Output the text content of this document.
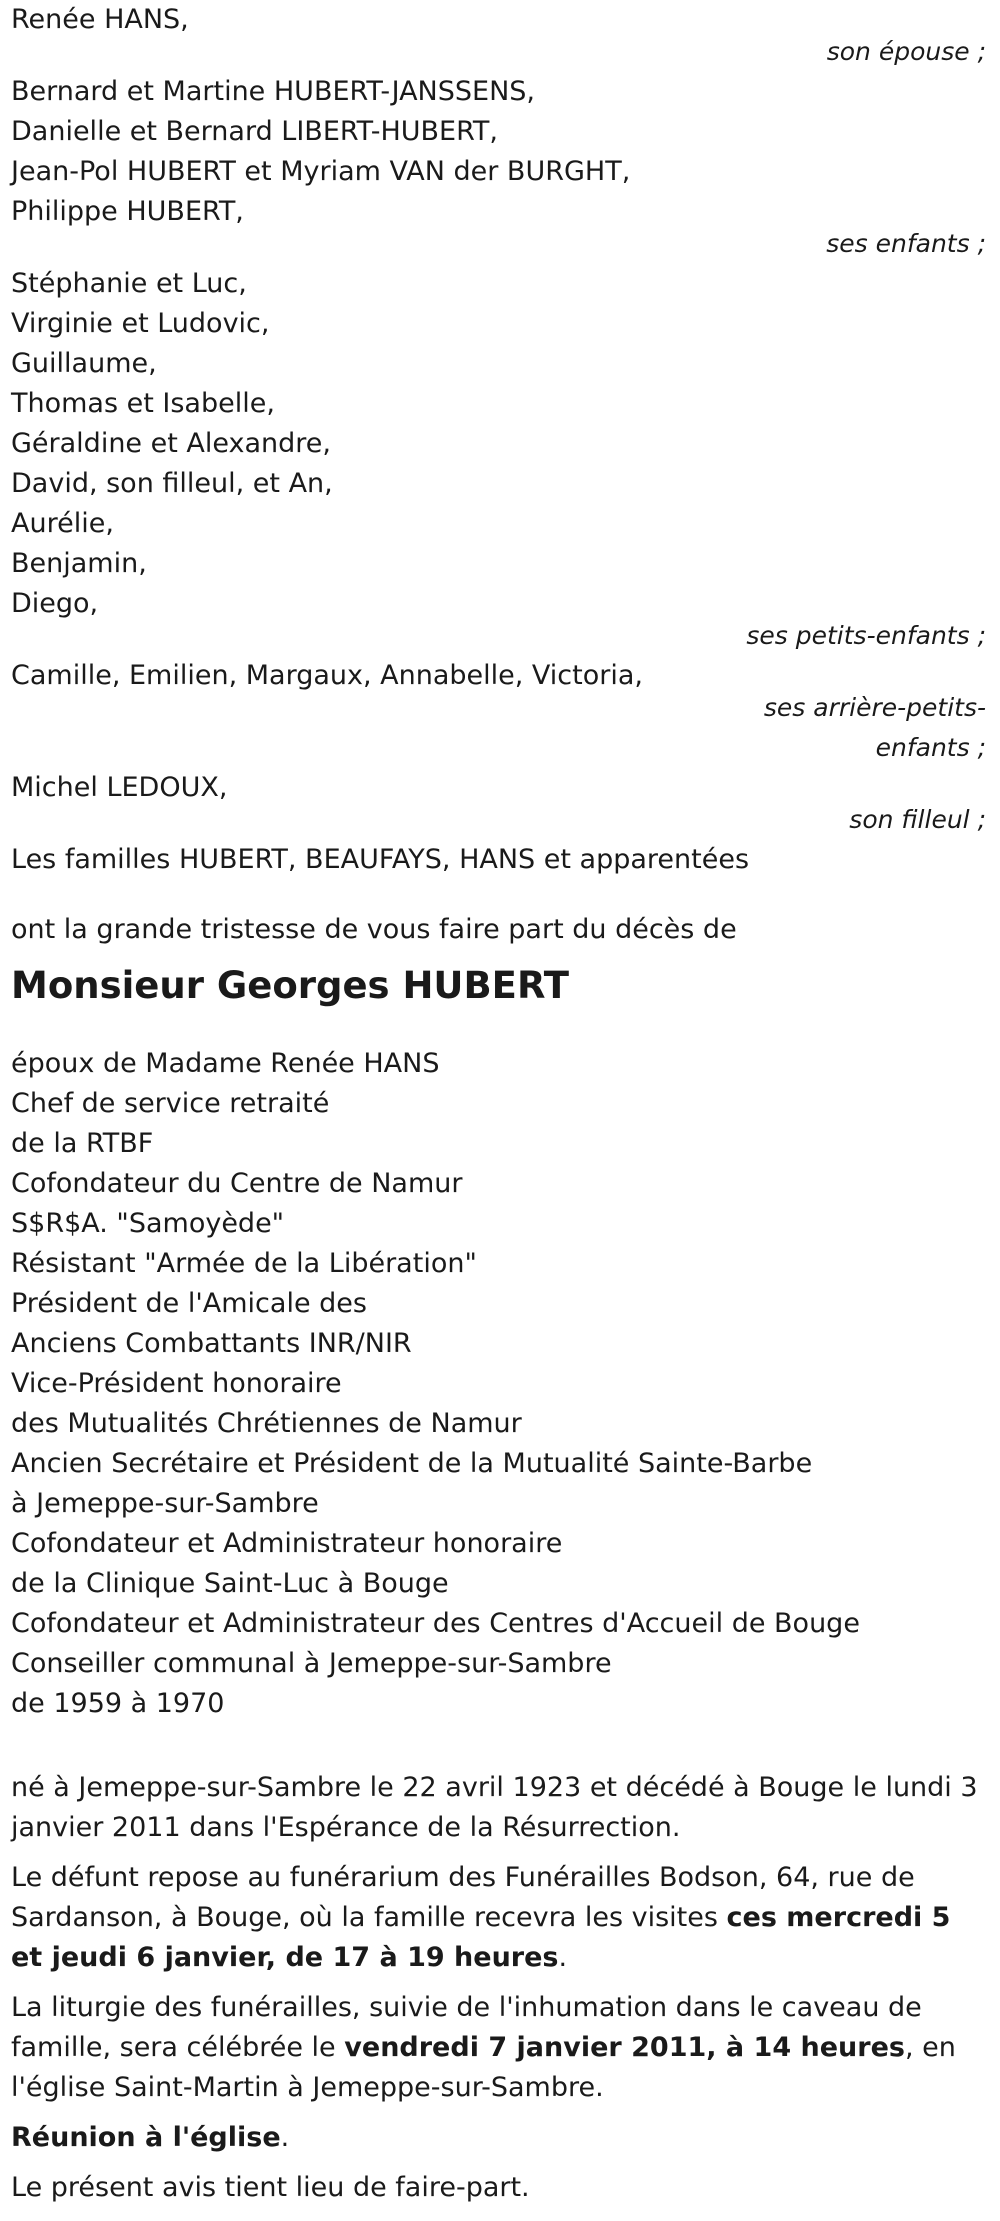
Renée HANS,
son épouse ;
Bernard et Martine HUBERT-JANSSENS,
Danielle et Bernard LIBERT-HUBERT,
Jean-Pol HUBERT et Myriam VAN der BURGHT,
Philippe HUBERT,
ses enfants ;
Stéphanie et Luc,
Virginie et Ludovic,
Guillaume,
Thomas et Isabelle,
Géraldine et Alexandre,
David, son filleul, et An,
Aurélie,
Benjamin,
Diego,
ses petits-enfants ;
Camille, Emilien, Margaux, Annabelle, Victoria,
ses arrière-petits-
enfants ;
Michel LEDOUX,
son filleul ;
Les familles HUBERT, BEAUFAYS, HANS et apparentées
ont la grande tristesse de vous faire part du décès de
Monsieur Georges HUBERT
époux de Madame Renée HANS
Chef de service retraité
de la RTBF
Cofondateur du Centre de Namur
S$R$A. "Samoyède"
Résistant "Armée de la Libération"
Président de l'Amicale des
Anciens Combattants INR/NIR
Vice-Président honoraire
des Mutualités Chrétiennes de Namur
Ancien Secrétaire et Président de la Mutualité Sainte-Barbe
à Jemeppe-sur-Sambre
Cofondateur et Administrateur honoraire
de la Clinique Saint-Luc à Bouge
Cofondateur et Administrateur des Centres d'Accueil de Bouge
Conseiller communal à Jemeppe-sur-Sambre
de 1959 à 1970

né à Jemeppe-sur-Sambre le 22 avril 1923 et décédé à Bouge le lundi 3 janvier 2011 dans l'Espérance de la Résurrection.

Le défunt repose au funérarium des Funérailles Bodson, 64, rue de Sardanson, à Bouge, où la famille recevra les visites ces mercredi 5 et jeudi 6 janvier, de 17 à 19 heures.

La liturgie des funérailles, suivie de l'inhumation dans le caveau de famille, sera célébrée le vendredi 7 janvier 2011, à 14 heures, en l'église Saint-Martin à Jemeppe-sur-Sambre.

Réunion à l'église.

Le présent avis tient lieu de faire-part.
